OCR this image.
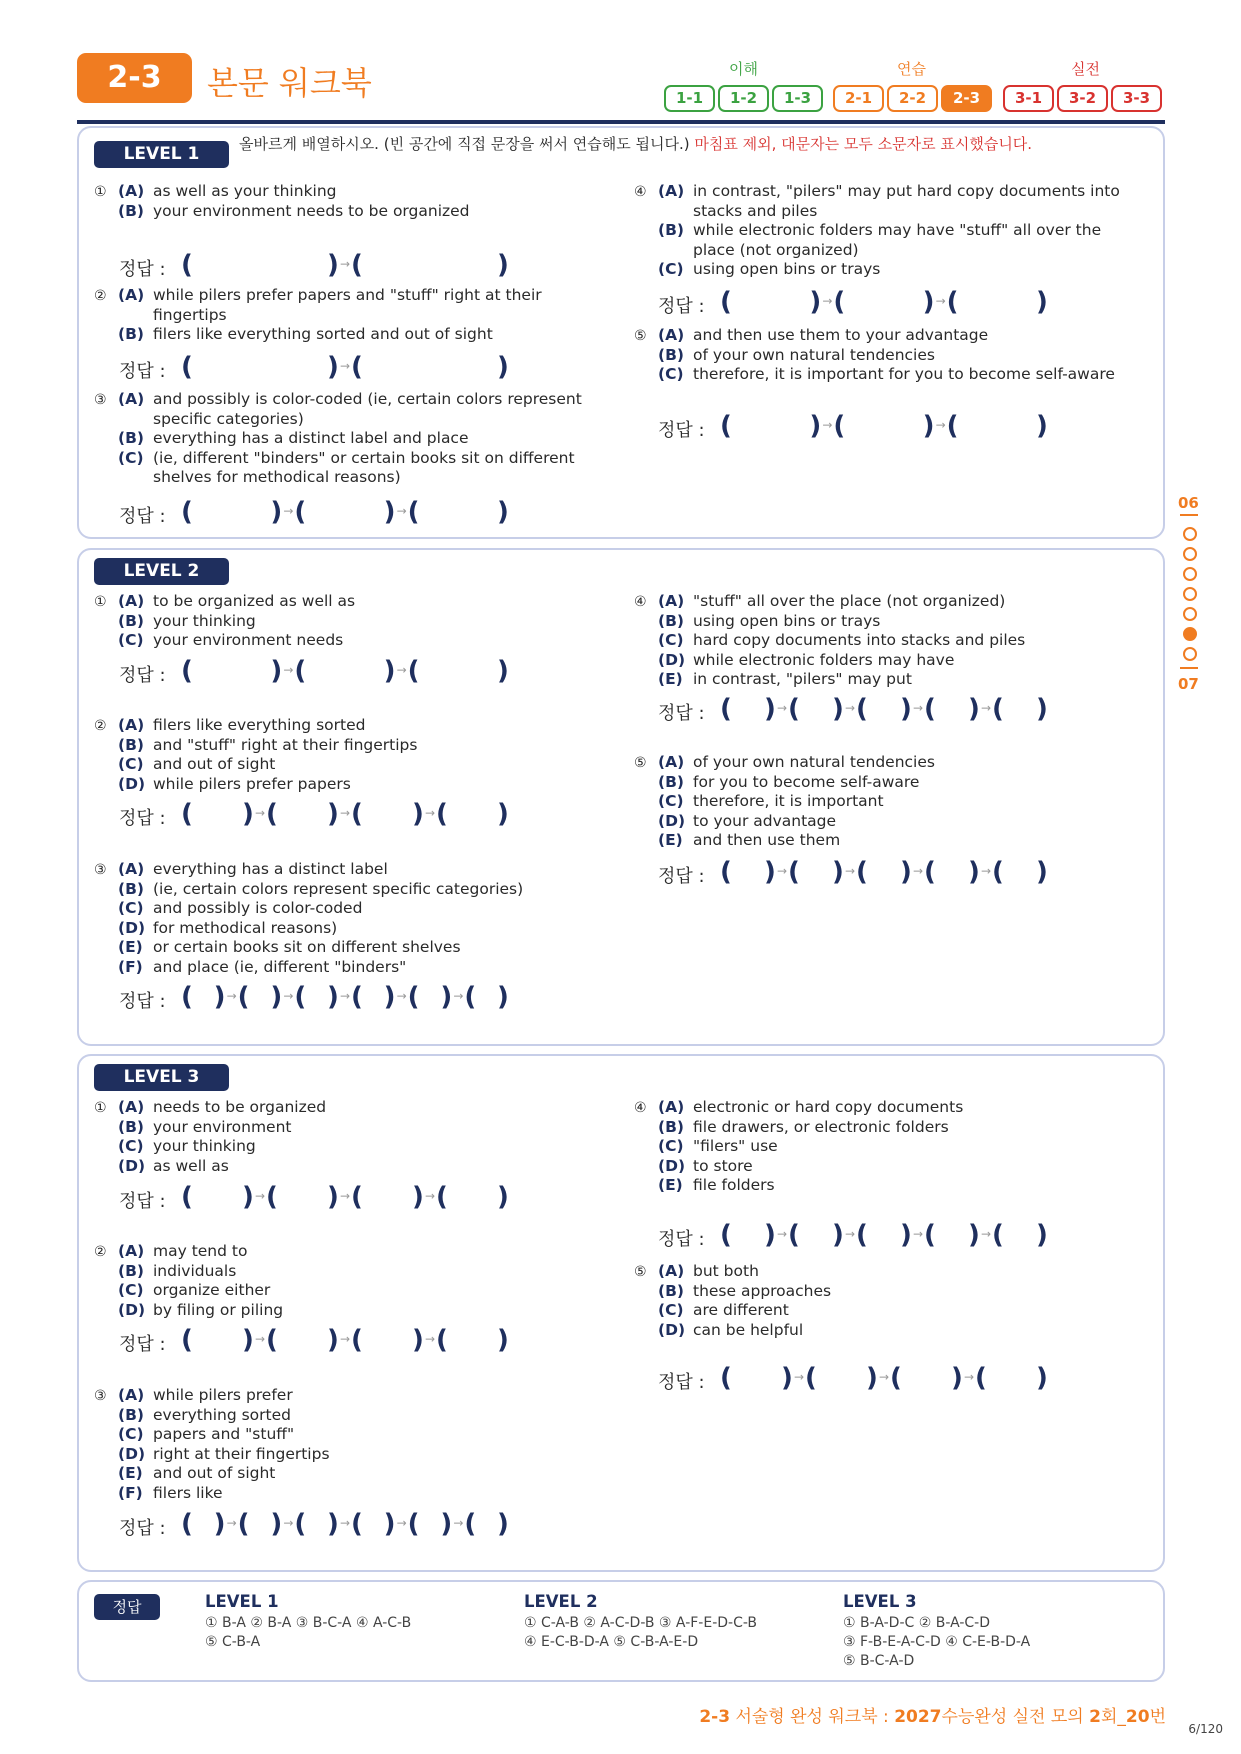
2-3	본문 워크북	이해	연습	실전
1-1	1-2	1-3	2-1	2-2	2-3	3-1	3-2	3-3
LEVEL 1	올바르게 배열하시오. (빈 공간에 직접 문장을 써서 연습해도 됩니다.) 마침표 제외, 대문자는 모두 소문자로 표시했습니다.
① (A) as well as your thinking
(B) your environment needs to be organized
② (A) while pilers prefer papers and "stuff" right at their
fingertips
(B) filers like everything sorted and out of sight
③ (A) and possibly is color-coded (ie, certain colors represent
specific categories)
(B) everything has a distinct label and place
(C) (ie, different "binders" or certain books sit on different
shelves for methodical reasons)
④ (A) in contrast, "pilers" may put hard copy documents into
stacks and piles
(B) while electronic folders may have "stuff" all over the
place (not organized)
(C) using open bins or trays
⑤ (A) and then use them to your advantage
(B) of your own natural tendencies
(C) therefore, it is important for you to become self-aware
정답 : (	) → (	)
정답 : (	) → (	)
정답 : (	) → (	) → (	)
정답 : (	) → (	) → (	)
정답 : (	) → (	) → (	)
LEVEL 2
① (A) to be organized as well as
(B) your thinking
(C) your environment needs
② (A) filers like everything sorted
(B) and "stuff" right at their fingertips
(C) and out of sight
(D) while pilers prefer papers
③ (A) everything has a distinct label
(B) (ie, certain colors represent specific categories)
(C) and possibly is color-coded
(D) for methodical reasons)
(E) or certain books sit on different shelves
(F) and place (ie, different "binders"
④ (A) "stuff" all over the place (not organized)
(B) using open bins or trays
(C) hard copy documents into stacks and piles
(D) while electronic folders may have
(E) in contrast, "pilers" may put
⑤ (A) of your own natural tendencies
(B) for you to become self-aware
(C) therefore, it is important
(D) to your advantage
(E) and then use them
정답 : (	) → (	) → (	)
정답 : ( ) → ( ) → ( ) → ( )
정답 : ( ) → ( ) → ( ) → ( ) → ( ) → ( )
정답 : ( ) → ( ) → ( ) → ( ) → ( )
정답 : ( ) → ( ) → ( ) → ( ) → ( )
LEVEL 3
① (A) needs to be organized
(B) your environment
(C) your thinking
(D) as well as
② (A) may tend to
(B) individuals
(C) organize either
(D) by filing or piling
③ (A) while pilers prefer
(B) everything sorted
(C) papers and "stuff"
(D) right at their fingertips
(E) and out of sight
(F) filers like
④ (A) electronic or hard copy documents
(B) file drawers, or electronic folders
(C) "filers" use
(D) to store
(E) file folders
⑤ (A) but both
(B) these approaches
(C) are different
(D) can be helpful
정답 : ( ) → ( ) → ( ) → ( )
정답 : ( ) → ( ) → ( ) → ( )
정답 : ( ) → ( ) → ( ) → ( ) → ( ) → ( )
정답 : ( ) → ( ) → ( ) → ( ) → ( )
정답 : ( ) → ( ) → ( ) → ( )
정답	LEVEL 1
① B-A ② B-A ③ B-C-A ④ A-C-B
⑤ C-B-A
LEVEL 2
① C-A-B ② A-C-D-B ③ A-F-E-D-C-B
④ E-C-B-D-A ⑤ C-B-A-E-D
LEVEL 3
① B-A-D-C ② B-A-C-D
③ F-B-E-A-C-D ④ C-E-B-D-A
⑤ B-C-A-D
06
07
2-3 서술형 완성 워크북 : 2027수능완성 실전 모의 2회_20번
6/120
